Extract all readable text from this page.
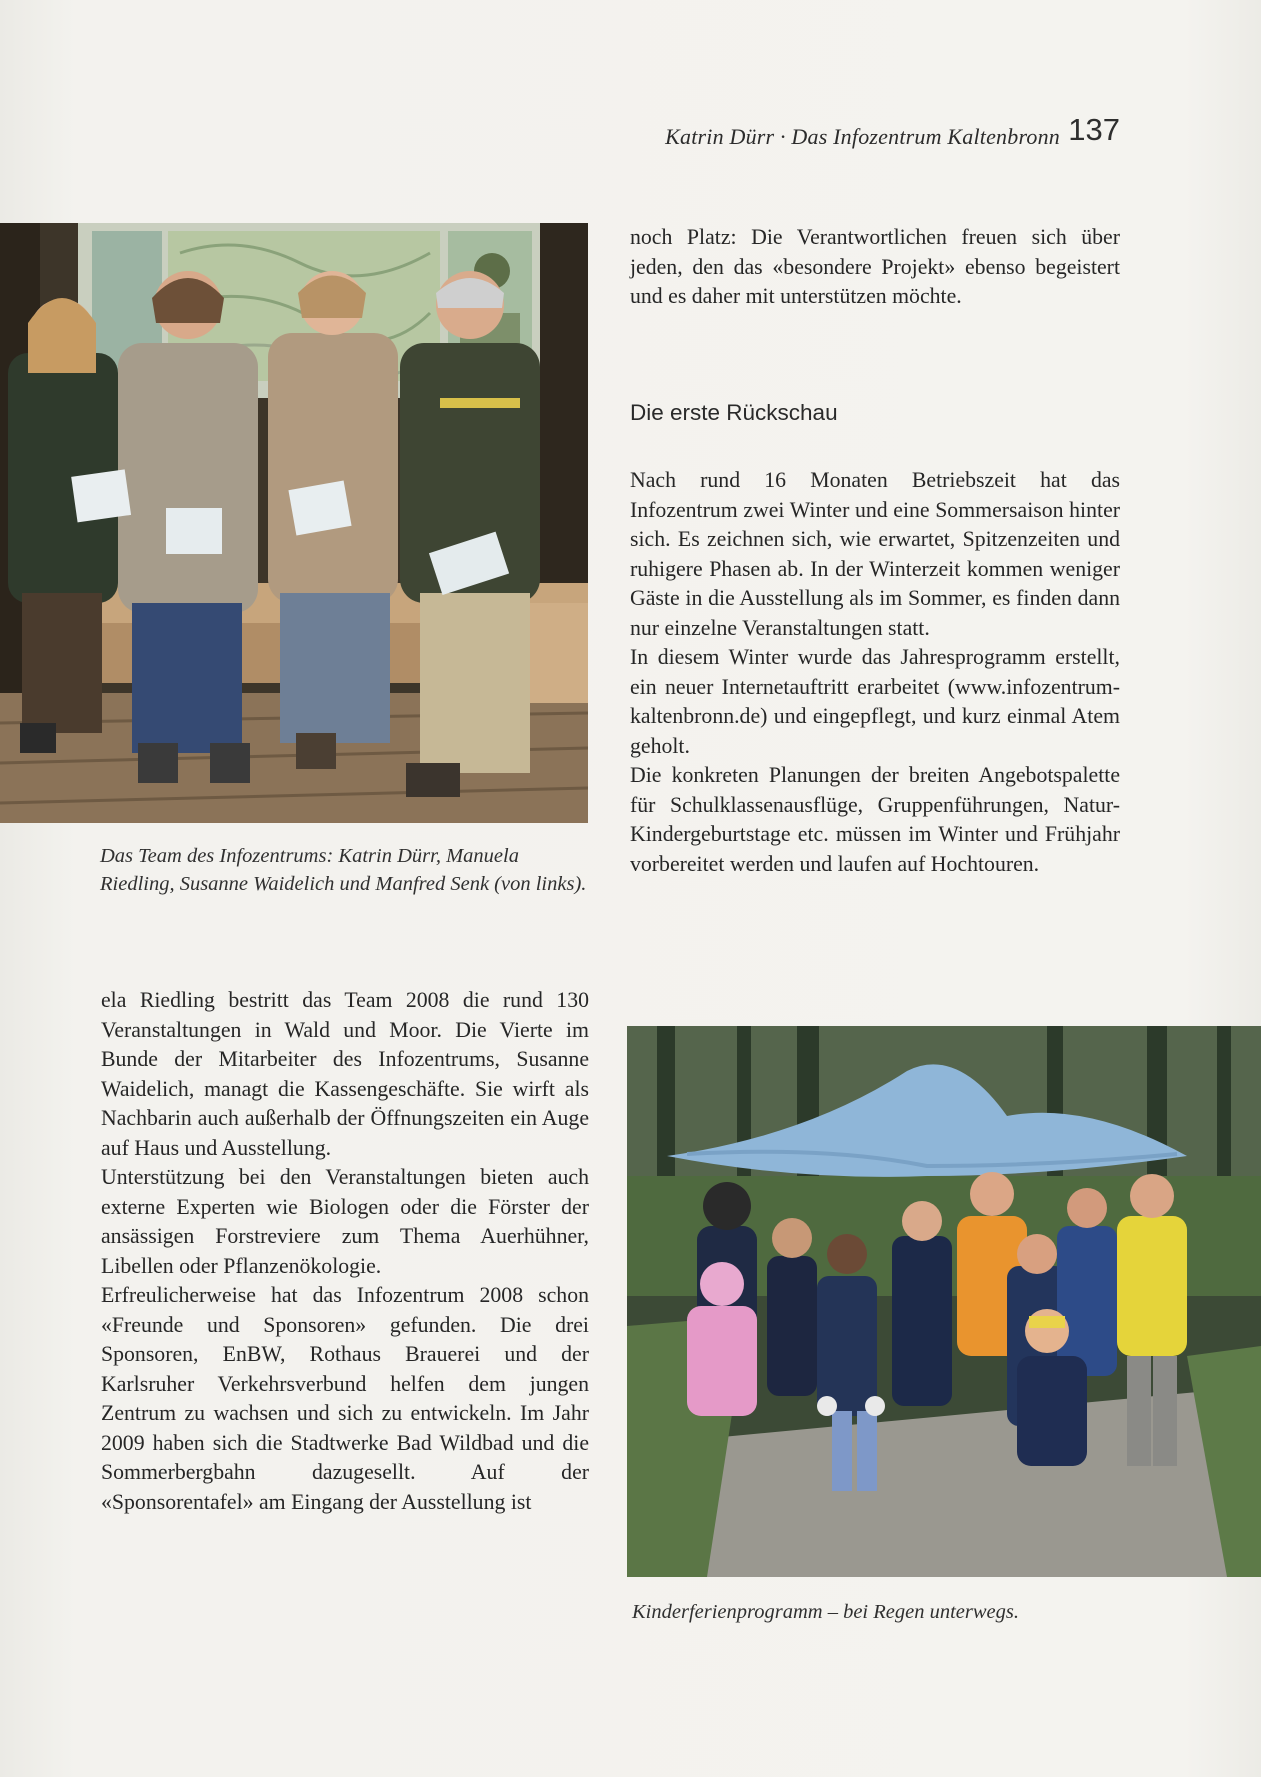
Katrin Dürr · Das Infozentrum Kaltenbronn 137
Das Team des Infozentrums: Katrin Dürr, Manuela Riedling, Susanne Waidelich und Manfred Senk (von links).

ela Riedling bestritt das Team 2008 die rund 130 Veranstaltungen in Wald und Moor. Die Vierte im Bunde der Mitarbeiter des Infozentrums, Susanne Waidelich, managt die Kassengeschäfte. Sie wirft als Nachbarin auch außerhalb der Öffnungszeiten ein Auge auf Haus und Ausstellung.

Unterstützung bei den Veranstaltungen bieten auch externe Experten wie Biologen oder die Förster der ansässigen Forstreviere zum Thema Auerhühner, Libellen oder Pflanzenökologie.

Erfreulicherweise hat das Infozentrum 2008 schon «Freunde und Sponsoren» gefunden. Die drei Sponsoren, EnBW, Rothaus Brauerei und der Karlsruher Verkehrsverbund helfen dem jungen Zentrum zu wachsen und sich zu entwickeln. Im Jahr 2009 haben sich die Stadtwerke Bad Wildbad und die Sommerbergbahn dazugesellt. Auf der «Sponsorentafel» am Eingang der Ausstellung ist

noch Platz: Die Verantwortlichen freuen sich über jeden, den das «besondere Projekt» ebenso begeistert und es daher mit unterstützen möchte.

Die erste Rückschau

Nach rund 16 Monaten Betriebszeit hat das Infozentrum zwei Winter und eine Sommersaison hinter sich. Es zeichnen sich, wie erwartet, Spitzenzeiten und ruhigere Phasen ab. In der Winterzeit kommen weniger Gäste in die Ausstellung als im Sommer, es finden dann nur einzelne Veranstaltungen statt.

In diesem Winter wurde das Jahresprogramm erstellt, ein neuer Internetauftritt erarbeitet (www.infozentrum-kaltenbronn.de) und eingepflegt, und kurz einmal Atem geholt.

Die konkreten Planungen der breiten Angebotspalette für Schulklassenausflüge, Gruppenführungen, Natur-Kindergeburtstage etc. müssen im Winter und Frühjahr vorbereitet werden und laufen auf Hochtouren.

Kinderferienprogramm – bei Regen unterwegs.
